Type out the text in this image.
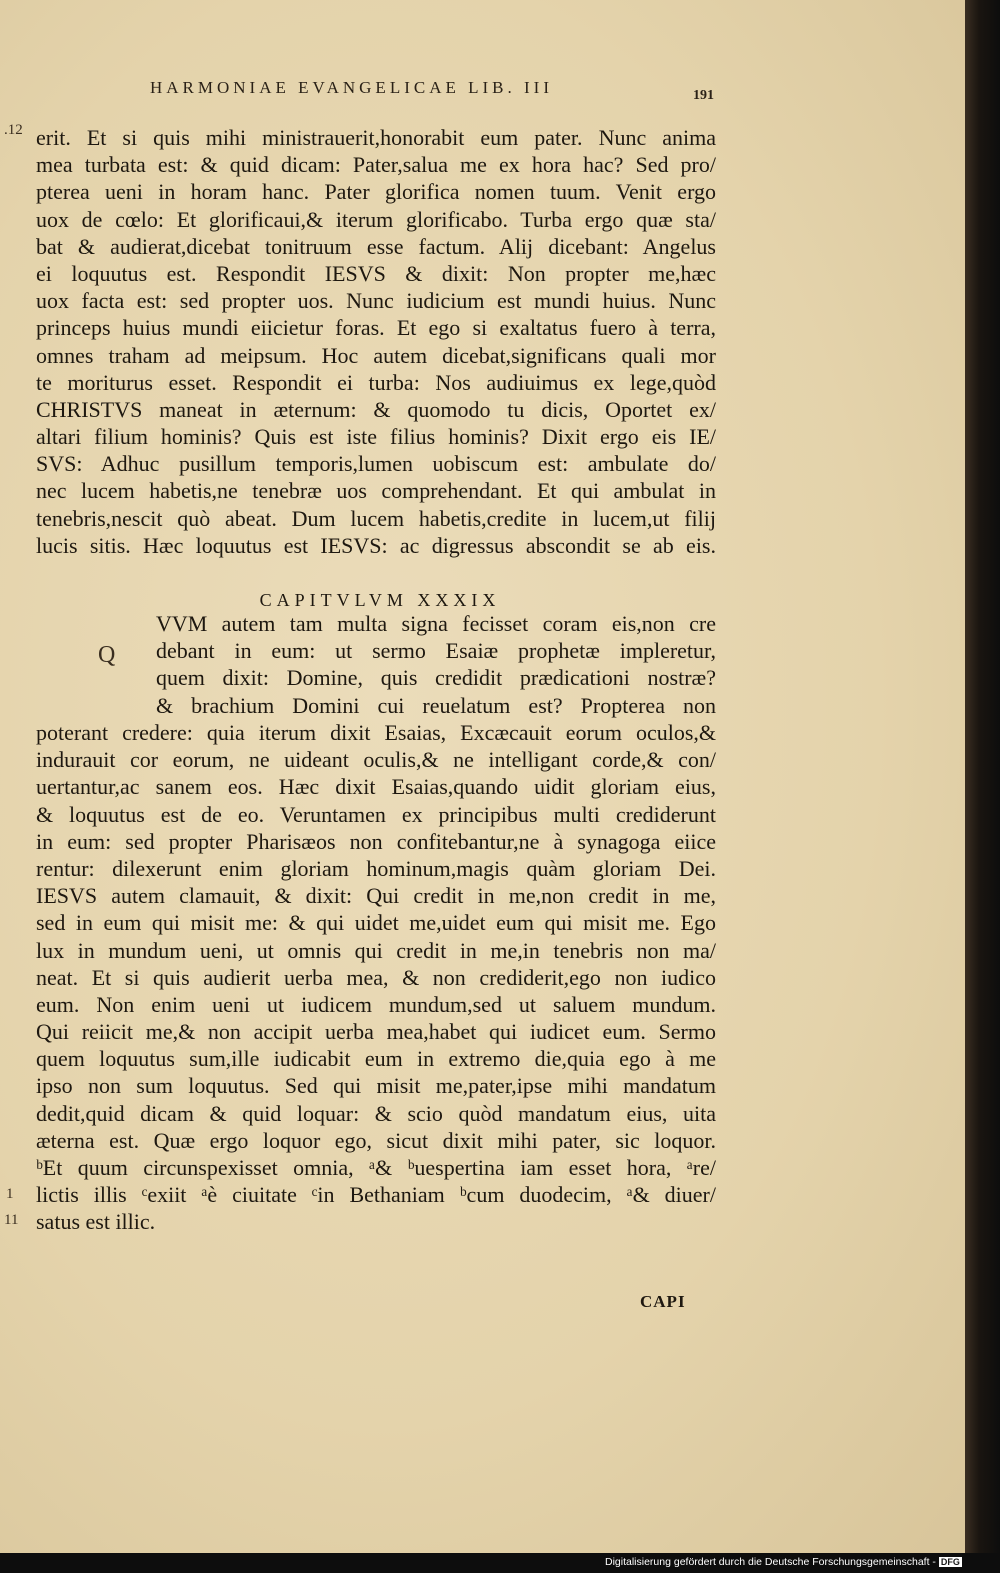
HARMONIAE EVANGELICAE LIB. III	191
.12
1
11
erit. Et si quis mihi ministrauerit,honorabit eum pater. Nunc anima
mea turbata est: & quid dicam: Pater,salua me ex hora hac? Sed pro/
pterea ueni in horam hanc. Pater glorifica nomen tuum. Venit ergo
uox de cœlo: Et glorificaui,& iterum glorificabo. Turba ergo quæ sta/
bat & audierat,dicebat tonitruum esse factum. Alij dicebant: Angelus
ei loquutus est. Respondit IESVS & dixit: Non propter me,hæc
uox facta est: sed propter uos. Nunc iudicium est mundi huius. Nunc
princeps huius mundi eiicietur foras. Et ego si exaltatus fuero à terra,
omnes traham ad meipsum. Hoc autem dicebat,significans quali mor
te moriturus esset. Respondit ei turba: Nos audiuimus ex lege,quòd
CHRISTVS maneat in æternum: & quomodo tu dicis, Oportet ex/
altari filium hominis? Quis est iste filius hominis? Dixit ergo eis IE/
SVS: Adhuc pusillum temporis,lumen uobiscum est: ambulate do/
nec lucem habetis,ne tenebræ uos comprehendant. Et qui ambulat in
tenebris,nescit quò abeat. Dum lucem habetis,credite in lucem,ut filij
lucis sitis. Hæc loquutus est IESVS: ac digressus abscondit se ab eis.
CAPITVLVM XXXIX
Q
VVM autem tam multa signa fecisset coram eis,non cre
debant in eum: ut sermo Esaiæ prophetæ impleretur,
quem dixit: Domine, quis credidit prædicationi nostræ?
& brachium Domini cui reuelatum est? Propterea non
poterant credere: quia iterum dixit Esaias, Excæcauit eorum oculos,&
indurauit cor eorum, ne uideant oculis,& ne intelligant corde,& con/
uertantur,ac sanem eos. Hæc dixit Esaias,quando uidit gloriam eius,
& loquutus est de eo. Veruntamen ex principibus multi crediderunt
in eum: sed propter Pharisæos non confitebantur,ne à synagoga eiice
rentur: dilexerunt enim gloriam hominum,magis quàm gloriam Dei.
IESVS autem clamauit, & dixit: Qui credit in me,non credit in me,
sed in eum qui misit me: & qui uidet me,uidet eum qui misit me. Ego
lux in mundum ueni, ut omnis qui credit in me,in tenebris non ma/
neat. Et si quis audierit uerba mea, & non crediderit,ego non iudico
eum. Non enim ueni ut iudicem mundum,sed ut saluem mundum.
Qui reiicit me,& non accipit uerba mea,habet qui iudicet eum. Sermo
quem loquutus sum,ille iudicabit eum in extremo die,quia ego à me
ipso non sum loquutus. Sed qui misit me,pater,ipse mihi mandatum
dedit,quid dicam & quid loquar: & scio quòd mandatum eius, uita
æterna est. Quæ ergo loquor ego, sicut dixit mihi pater, sic loquor.
ᵇEt quum circunspexisset omnia, ᵃ& ᵇuespertina iam esset hora, ᵃre/
lictis illis ᶜexiit ᵃè ciuitate ᶜin Bethaniam ᵇcum duodecim, ᵃ& diuer/
satus est illic.
CAPI
Digitalisierung gefördert durch die Deutsche Forschungsgemeinschaft - DFG
